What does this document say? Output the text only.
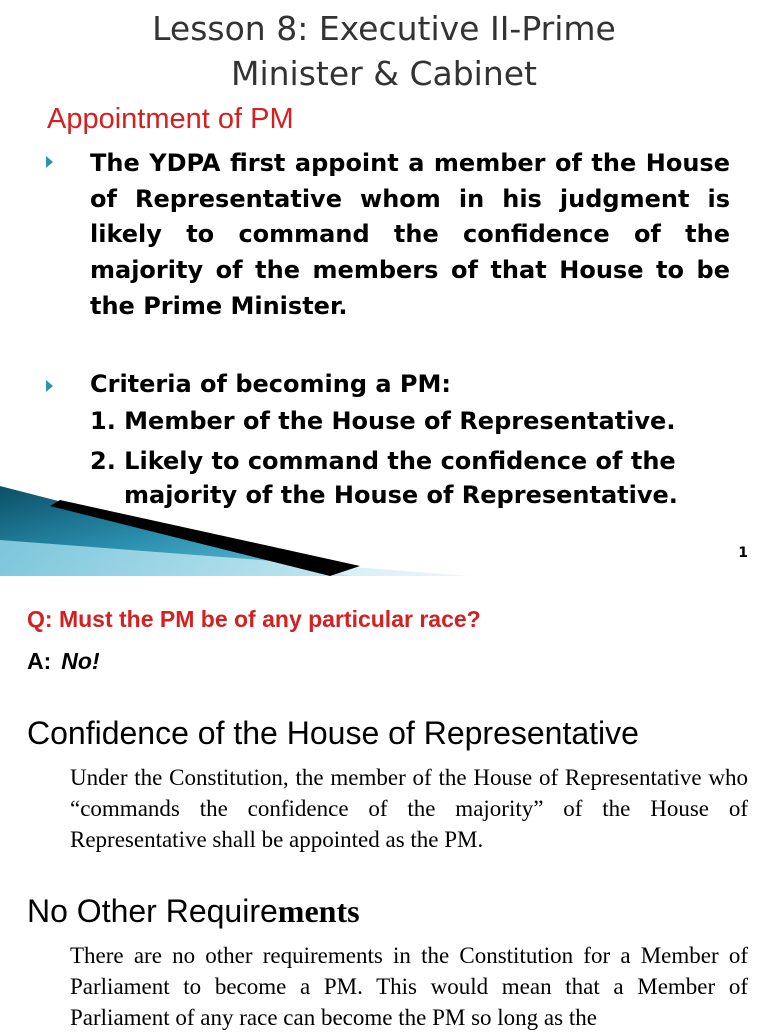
Lesson 8: Executive II-Prime
Minister & Cabinet
Appointment of PM
The YDPA first appoint a member of the House of Representative whom in his judgment is likely to command the confidence of the majority of the members of that House to be the Prime Minister.
Criteria of becoming a PM:
1. Member of the House of Representative.
2. Likely to command the confidence of the
majority of the House of Representative.
1
Q: Must the PM be of any particular race?
A: No!
Confidence of the House of Representative
Under the Constitution, the member of the House of Representative who “commands the confidence of the majority” of the House of Representative shall be appointed as the PM.
No Other Requirements
There are no other requirements in the Constitution for a Member of Parliament to become a PM. This would mean that a Member of Parliament of any race can become the PM so long as the
